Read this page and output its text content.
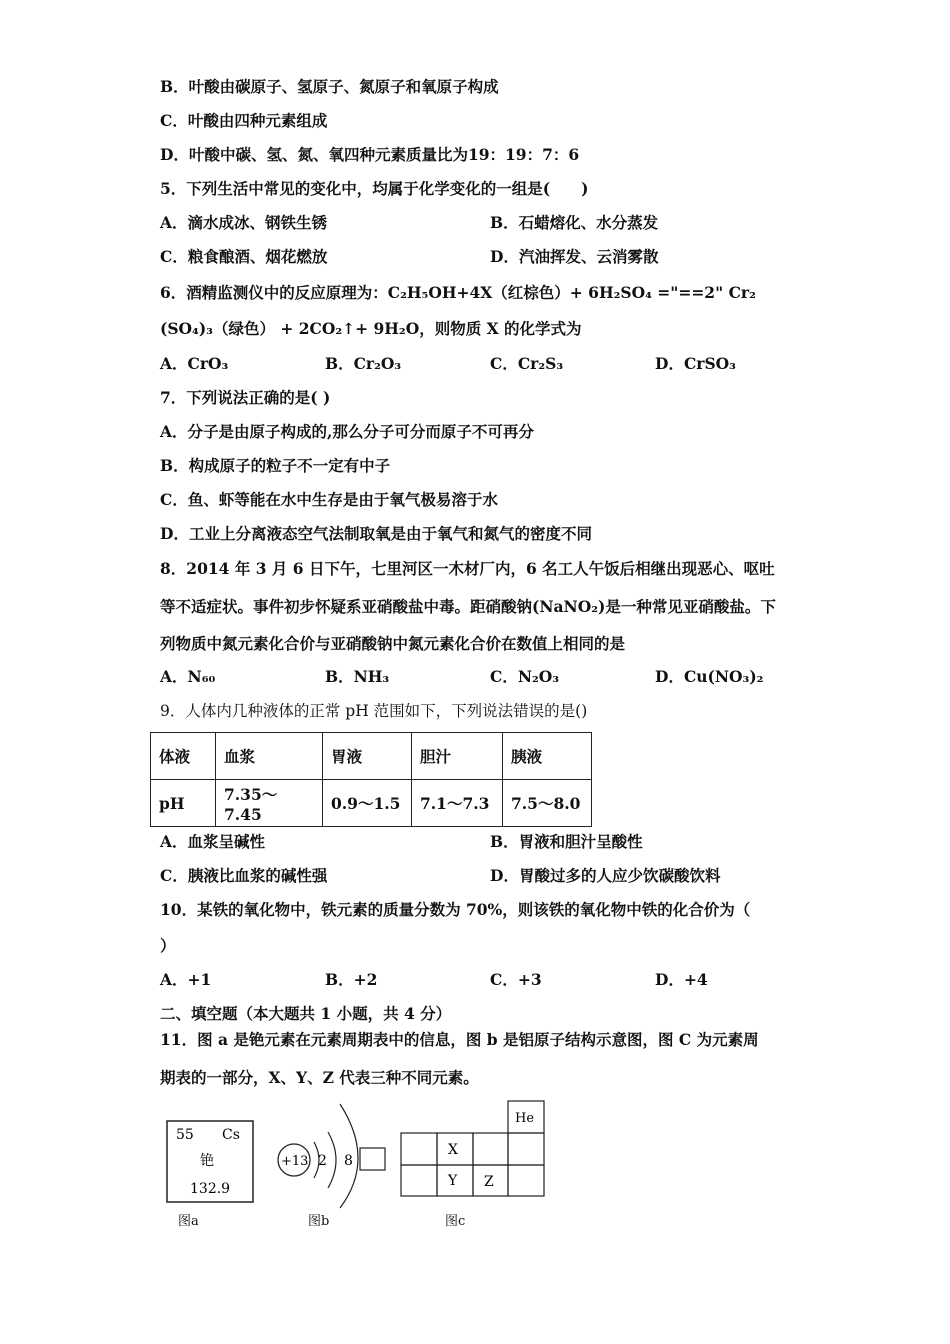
B．叶酸由碳原子、氢原子、氮原子和氧原子构成
C．叶酸由四种元素组成
D．叶酸中碳、氢、氮、氧四种元素质量比为19：19：7：6
5．下列生活中常见的变化中，均属于化学变化的一组是(　　)
A．滴水成冰、钢铁生锈	B．石蜡熔化、水分蒸发
C．粮食酿酒、烟花燃放	D．汽油挥发、云消雾散
6．酒精监测仪中的反应原理为：C₂H₅OH+4X（红棕色）+ 6H₂SO₄ ="==2" Cr₂
(SO₄)₃（绿色） + 2CO₂↑+ 9H₂O，则物质 X 的化学式为
A．CrO₃	B．Cr₂O₃	C．Cr₂S₃	D．CrSO₃
7．下列说法正确的是( )
A．分子是由原子构成的,那么分子可分而原子不可再分
B．构成原子的粒子不一定有中子
C．鱼、虾等能在水中生存是由于氧气极易溶于水
D．工业上分离液态空气法制取氧是由于氧气和氮气的密度不同
8．2014 年 3 月 6 日下午，七里河区一木材厂内，6 名工人午饭后相继出现恶心、呕吐
等不适症状。事件初步怀疑系亚硝酸盐中毒。距硝酸钠(NaNO₂)是一种常见亚硝酸盐。下
列物质中氮元素化合价与亚硝酸钠中氮元素化合价在数值上相同的是
A．N₆₀	B．NH₃	C．N₂O₃	D．Cu(NO₃)₂
9．人体内几种液体的正常 pH 范围如下，下列说法错误的是()
体液	血浆	胃液	胆汁	胰液
pH	7.35～7.45	0.9～1.5	7.1～7.3	7.5～8.0
A．血浆呈碱性	B．胃液和胆汁呈酸性
C．胰液比血浆的碱性强	D．胃酸过多的人应少饮碳酸饮料
10．某铁的氧化物中，铁元素的质量分数为 70%，则该铁的氧化物中铁的化合价为（
）
A．+1	B．+2	C．+3	D．+4
二、填空题（本大题共 1 小题，共 4 分）
11．图 a 是铯元素在元素周期表中的信息，图 b 是铝原子结构示意图，图 C 为元素周
期表的一部分，X、Y、Z 代表三种不同元素。
55 Cs
铯
132.9
图a
+13 2 8
图b
He
X
Y Z
图c
